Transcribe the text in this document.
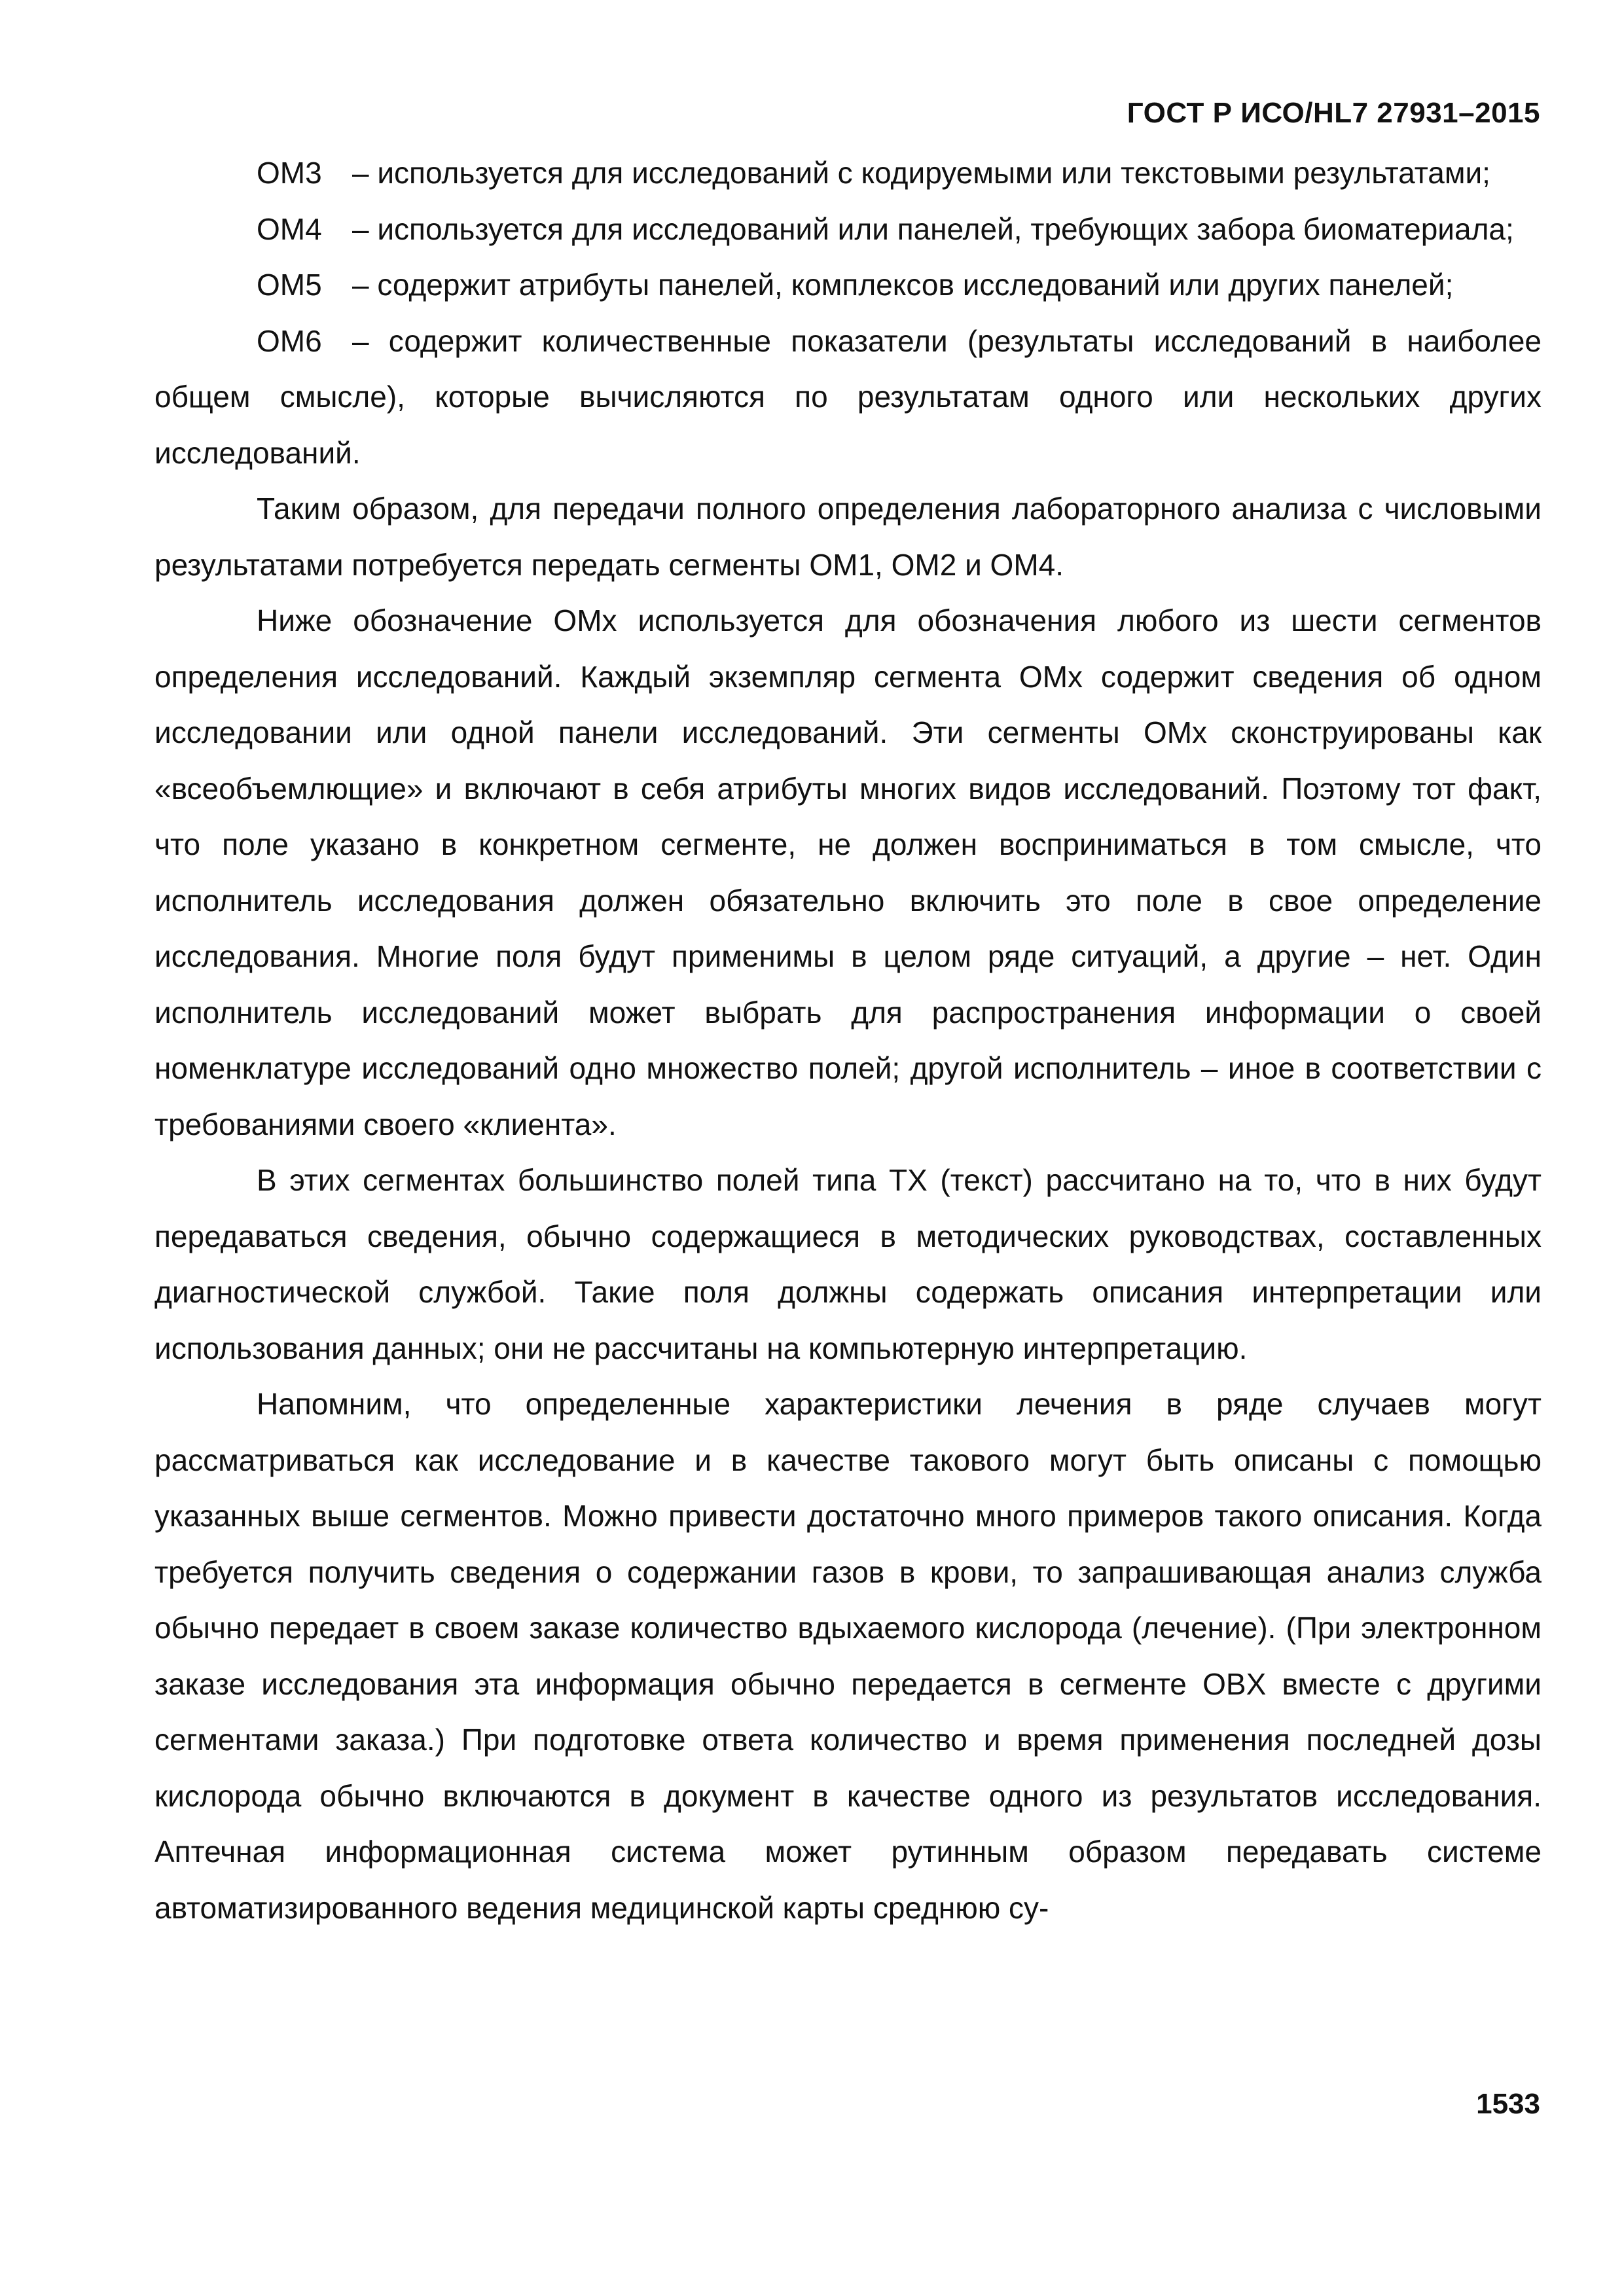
ГОСТ Р ИСО/HL7 27931–2015

ОМ3 – используется для исследований с кодируемыми или текстовыми результатами;

ОМ4 – используется для исследований или панелей, требующих забора биоматериала;

ОМ5 – содержит атрибуты панелей, комплексов исследований или других панелей;

ОМ6 – содержит количественные показатели (результаты исследований в наиболее общем смысле), которые вычисляются по результатам одного или нескольких других исследований.

Таким образом, для передачи полного определения лабораторного анализа с числовыми результатами потребуется передать сегменты ОМ1, ОМ2 и ОМ4.

Ниже обозначение ОМх используется для обозначения любого из шести сегментов определения исследований. Каждый экземпляр сегмента ОМх содержит сведения об одном исследовании или одной панели исследований. Эти сегменты ОМх сконструированы как «всеобъемлющие» и включают в себя атрибуты многих видов исследований. Поэтому тот факт, что поле указано в конкретном сегменте, не должен восприниматься в том смысле, что исполнитель исследования должен обязательно включить это поле в свое определение исследования. Многие поля будут применимы в целом ряде ситуаций, а другие – нет. Один исполнитель исследований может выбрать для распространения информации о своей номенклатуре исследований одно множество полей; другой исполнитель – иное в соответствии с требованиями своего «клиента».

В этих сегментах большинство полей типа ТХ (текст) рассчитано на то, что в них будут передаваться сведения, обычно содержащиеся в методических руководствах, составленных диагностической службой. Такие поля должны содержать описания интерпретации или использования данных; они не рассчитаны на компьютерную интерпретацию.

Напомним, что определенные характеристики лечения в ряде случаев могут рассматриваться как исследование и в качестве такового могут быть описаны с помощью указанных выше сегментов. Можно привести достаточно много примеров такого описания. Когда требуется получить сведения о содержании газов в крови, то запрашивающая анализ служба обычно передает в своем заказе количество вдыхаемого кислорода (лечение). (При электронном заказе исследования эта информация обычно передается в сегменте OBX вместе с другими сегментами заказа.) При подготовке ответа количество и время применения последней дозы кислорода обычно включаются в документ в качестве одного из результатов исследования. Аптечная информационная система может рутинным образом передавать системе автоматизированного ведения медицинской карты среднюю су-

1533
